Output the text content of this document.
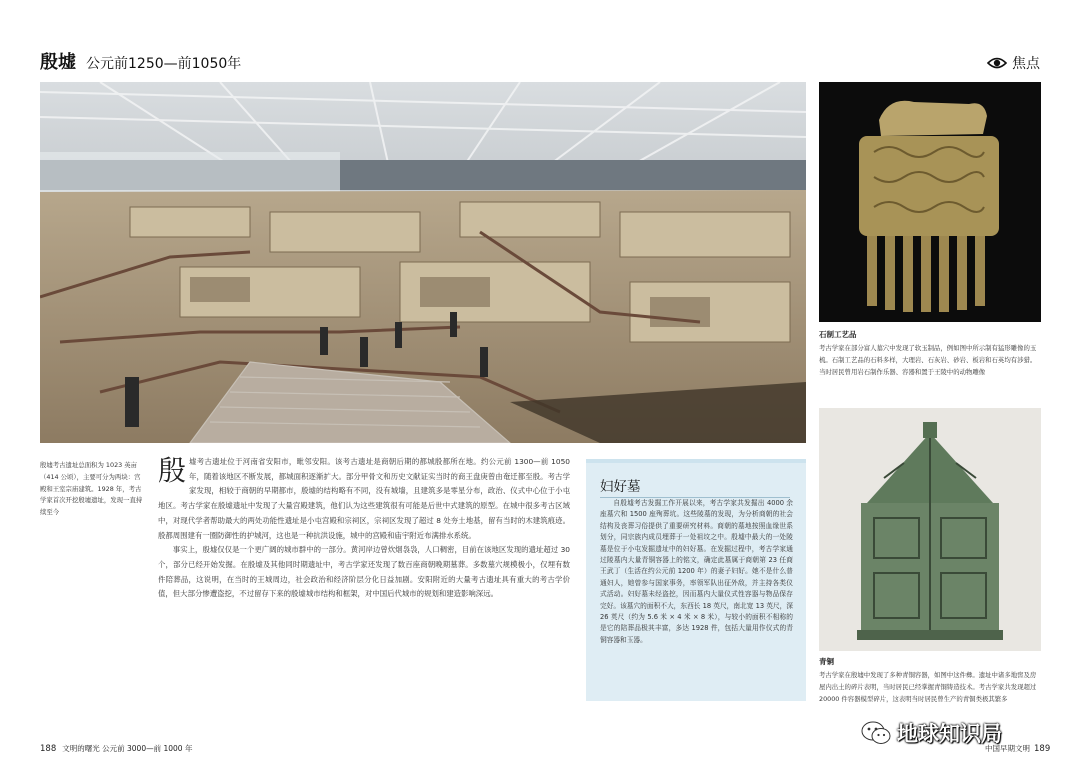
殷墟 公元前1250—前1050年	焦点
殷墟考古遗址总面积为 1023 英亩（414 公顷），主要可分为两块：宫殿和王室宗庙建筑。1928 年，考古学家首次开挖殷墟遗址，发现一直持续至今

殷墟考古遗址位于河南省安阳市，毗邻安阳。该考古遗址是商朝后期的都城殷都所在地。约公元前 1300—前 1050 年，随着该地区不断发展，都城面积逐渐扩大。部分甲骨文和历史文献证实当时的商王盘庚曾由奄迁都至殷。考古学家发现，相较于商朝的早期都市，殷墟的结构略有不同，没有城墙，且建筑多是零星分布，政治、仪式中心位于小屯地区。考古学家在殷墟遗址中发现了大量宫殿建筑，他们认为这些建筑很有可能是后世中式建筑的原型。在城中很多考古区域中，对现代学者帮助最大的两处功能性遗址是小屯宫殿和宗祠区，宗祠区发现了超过 8 处夯土地基，留有当时的木建筑痕迹。殷都周围建有一圈防御性的护城河，这也是一种抗洪设施，城中的宫殿和庙宇附近布满排水系统。

事实上，殷墟仅仅是一个更广阔的城市群中的一部分。黄河岸边曾炊烟袅袅，人口稠密，目前在该地区发现的遗址超过 30 个，部分已经开始发掘。在殷墟及其他同时期遗址中，考古学家还发现了数百座商朝晚期墓葬。多数墓穴规模极小，仅埋有数件陪葬品，这说明，在当时的王城周边，社会政治和经济阶层分化日益加剧。安阳附近的大量考古遗址具有重大的考古学价值，但大部分惨遭盗挖，不过留存下来的殷墟城市结构和框架，对中国后代城市的规划和建造影响深远。

妇好墓
自殷墟考古发掘工作开展以来，考古学家共发掘出 4000 余座墓穴和 1500 座殉葬坑。这些陵墓的发现，为分析商朝的社会结构及丧葬习俗提供了重要研究材料。商朝的墓地按照血缘世系划分，同宗族内成员埋葬于一处祖坟之中。殷墟中最大的一处陵墓是位于小屯发掘遗址中的妇好墓。在发掘过程中，考古学家通过陵墓内大量青铜容器上的铭文，确定此墓属于商朝第 23 任商王武丁（生活在约公元前 1200 年）的妻子妇好。她不是什么普通妇人，她曾参与国家事务，率领军队出征外敌，并主持各类仪式活动。妇好墓未经盗挖，因而墓内大量仪式性容器与物品保存完好。该墓穴的面积不大，东西长 18 英尺，南北宽 13 英尺，深 26 英尺（约为 5.6 米 × 4 米 × 8 米），与较小的面积不相称的是它的陪葬品极其丰富，多达 1928 件，包括大量用作仪式的青铜容器和玉器。
石制工艺品
考古学家在部分富人墓穴中发现了软玉制品，例如图中所示制有猛形雕像的玉梳。石制工艺品的石料多样，大理岩、石灰岩、砂岩、板岩和石英均有涉猎。当时居民曾用岩石制作乐器、容器和置于王陵中的动物雕像
青铜
考古学家在殷墟中发现了多种青铜容器，如图中这件彝。遗址中诸多地窖及房屋内出土的碎片表明，当时居民已经掌握青铜铸造技术。考古学家共发现超过 20000 件容器模型碎片，这表明当时居民曾生产的青铜类极其繁多
188 文明的曙光 公元前 3000—前 1000 年	中国早期文明 189
地球知识局
